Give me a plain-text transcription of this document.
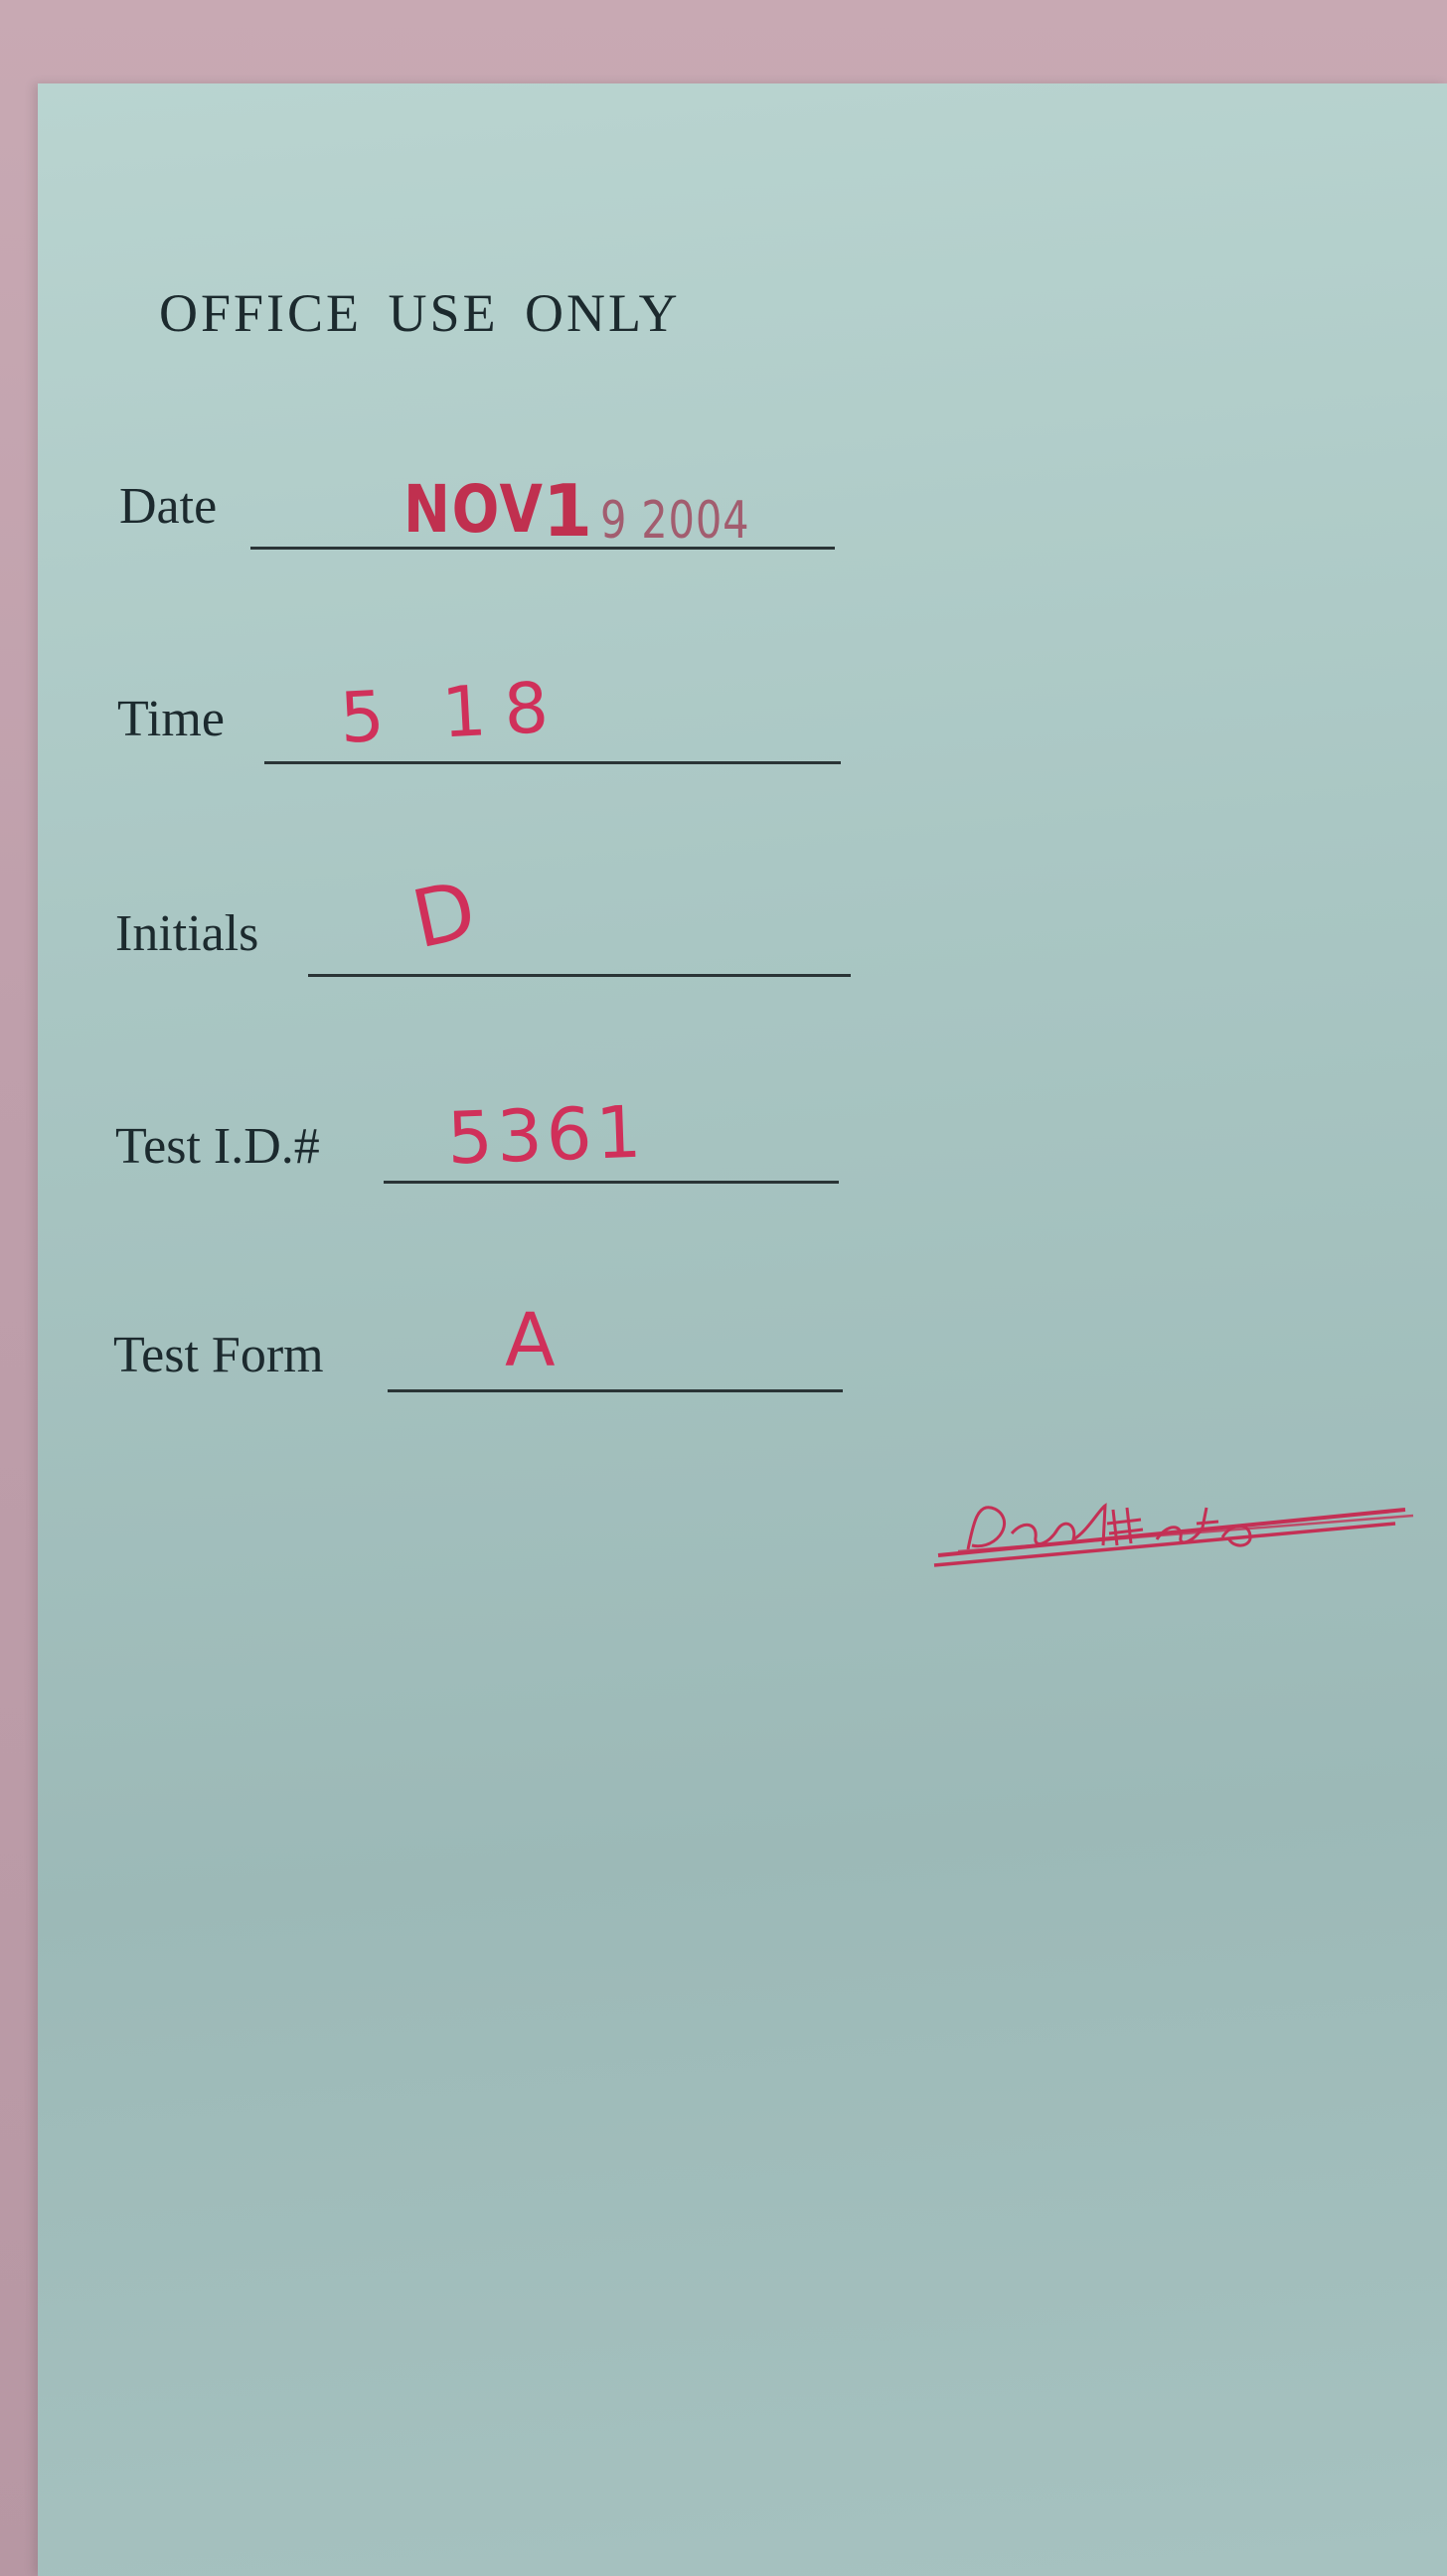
OFFICE USE ONLY
NOV
1 9 2004
Date
Time 5 18
Initials D
Test I.D.# 5361
Test Form A
